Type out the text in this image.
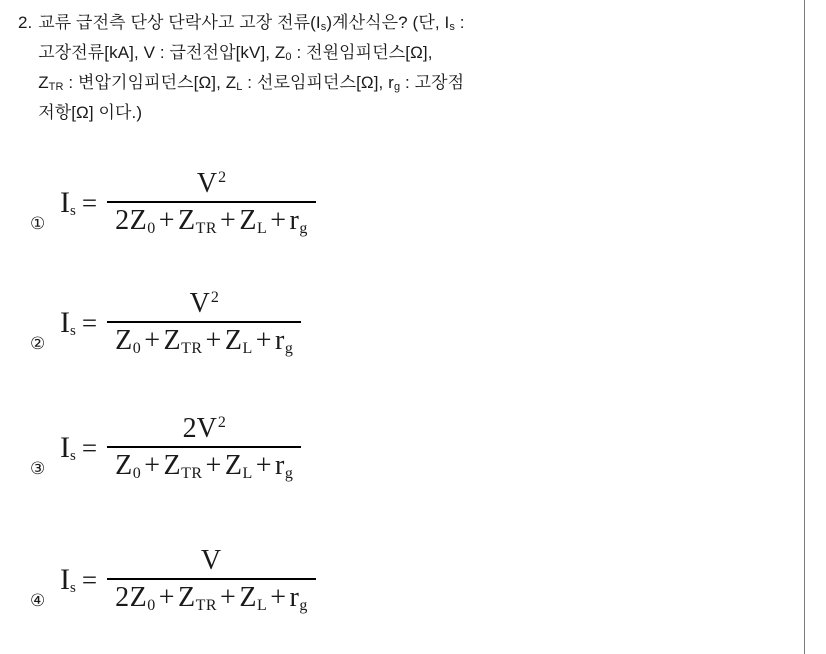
2. 교류 급전측 단상 단락사고 고장 전류$(I_s)$계산식은? (단, $I_s$ :
고장전류[kA], V : 급전전압[kV], $Z_0$ : 전원임피던스[Ω],
$Z_{TR}$ : 변압기임피던스[Ω], $Z_L$ : 선로임피던스[Ω], $r_g$ : 고장점
저항[Ω] 이다.)
①
$I_s = \frac{V^2}{2Z_0 + Z_{TR} + Z_L + r_g}$
②
$I_s = \frac{V^2}{Z_0 + Z_{TR} + Z_L + r_g}$
③
$I_s = \frac{2V^2}{Z_0 + Z_{TR} + Z_L + r_g}$
④
$I_s = \frac{V}{2Z_0 + Z_{TR} + Z_L + r_g}$
